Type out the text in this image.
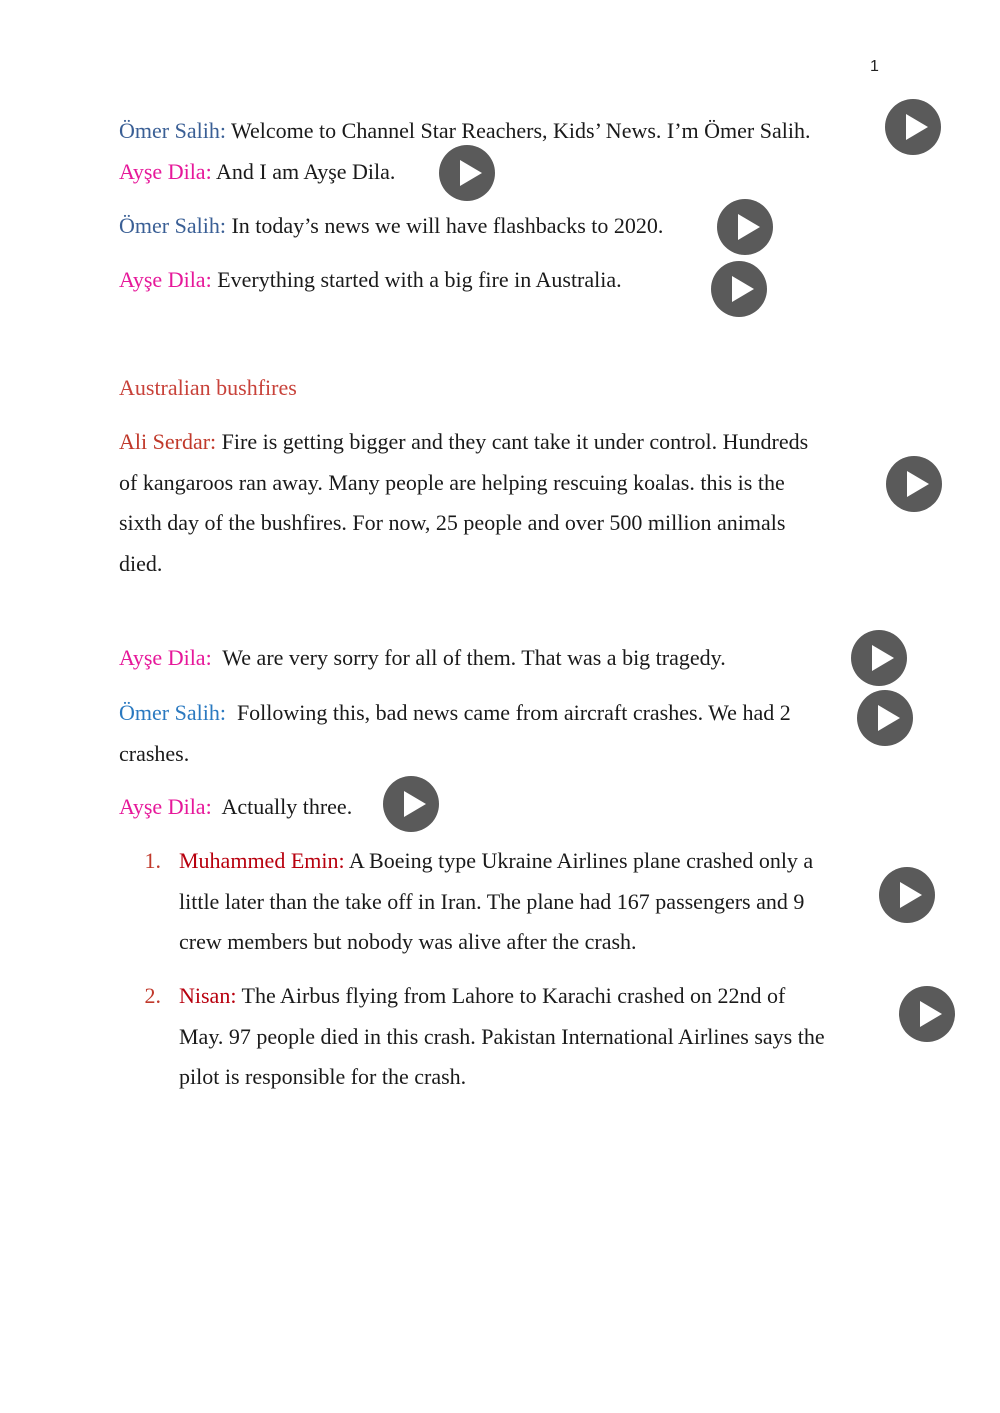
1
Ömer Salih: Welcome to Channel Star Reachers, Kids’ News. I’m Ömer Salih.
Ayşe Dila: And I am Ayşe Dila.
Ömer Salih: In today’s news we will have flashbacks to 2020.
Ayşe Dila: Everything started with a big fire in Australia.
Australian bushfires
Ali Serdar: Fire is getting bigger and they cant take it under control. Hundreds
of kangaroos ran away. Many people are helping rescuing koalas. this is the
sixth day of the bushfires. For now, 25 people and over 500 million animals
died.
Ayşe Dila:  We are very sorry for all of them. That was a big tragedy.
Ömer Salih:  Following this, bad news came from aircraft crashes. We had 2
crashes.
Ayşe Dila:  Actually three.
1. Muhammed Emin: A Boeing type Ukraine Airlines plane crashed only a
little later than the take off in Iran. The plane had 167 passengers and 9
crew members but nobody was alive after the crash.
2. Nisan: The Airbus flying from Lahore to Karachi crashed on 22nd of
May. 97 people died in this crash. Pakistan International Airlines says the
pilot is responsible for the crash.
